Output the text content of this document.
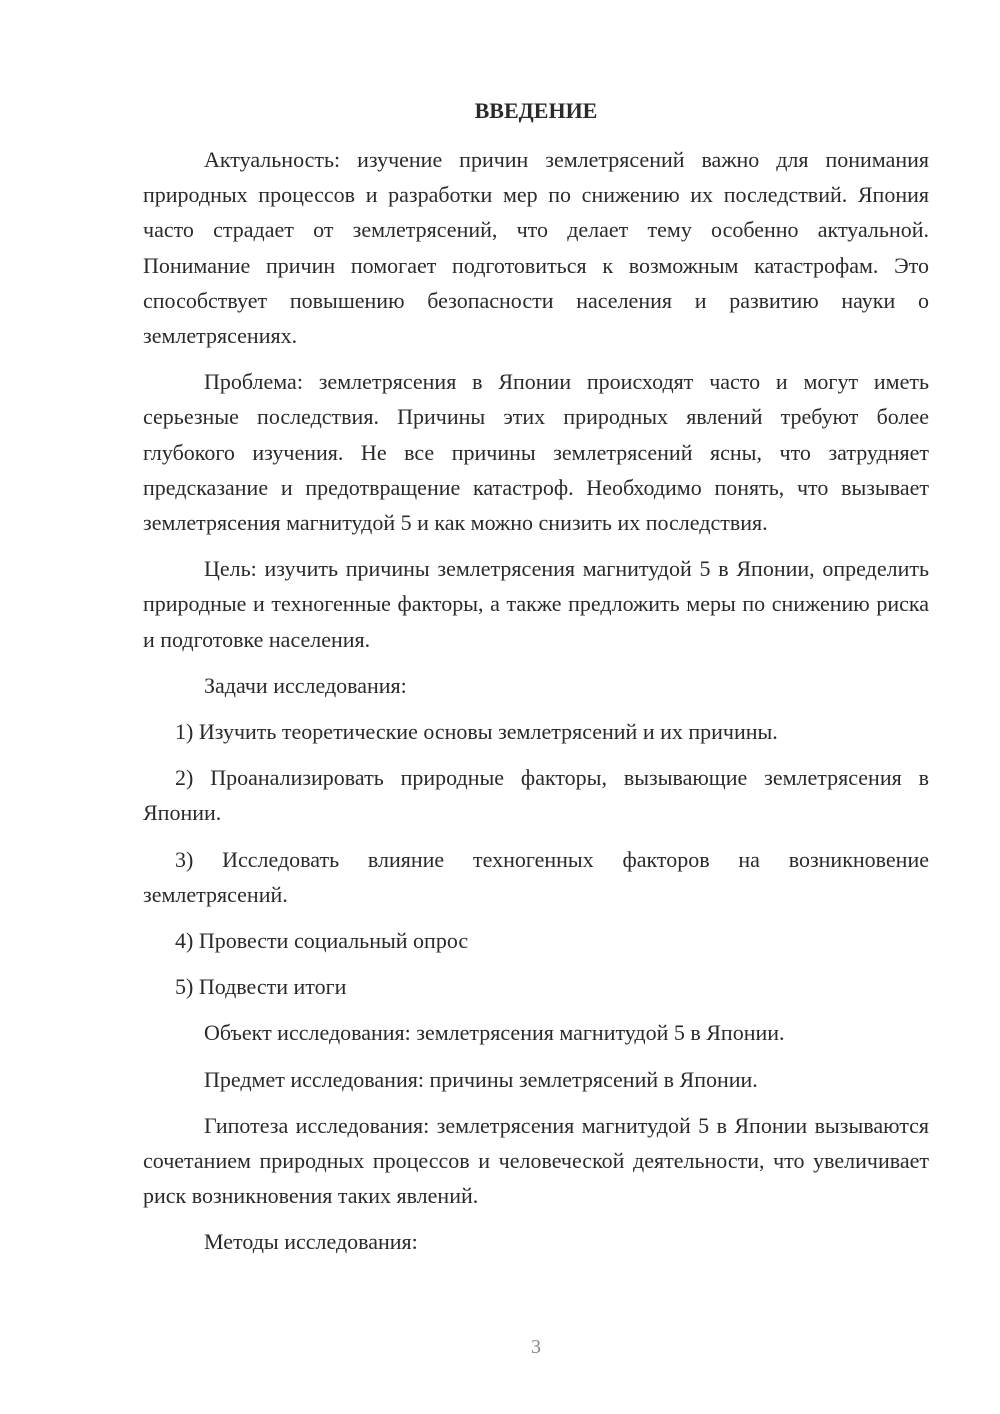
ВВЕДЕНИЕ

Актуальность: изучение причин землетрясений важно для понимания природных процессов и разработки мер по снижению их последствий. Япония часто страдает от землетрясений, что делает тему особенно актуальной. Понимание причин помогает подготовиться к возможным катастрофам. Это способствует повышению безопасности населения и развитию науки о землетрясениях.

Проблема: землетрясения в Японии происходят часто и могут иметь серьезные последствия. Причины этих природных явлений требуют более глубокого изучения. Не все причины землетрясений ясны, что затрудняет предсказание и предотвращение катастроф. Необходимо понять, что вызывает землетрясения магнитудой 5 и как можно снизить их последствия.

Цель: изучить причины землетрясения магнитудой 5 в Японии, определить природные и техногенные факторы, а также предложить меры по снижению риска и подготовке населения.

Задачи исследования:

1) Изучить теоретические основы землетрясений и их причины.

2) Проанализировать природные факторы, вызывающие землетрясения в Японии.

3) Исследовать влияние техногенных факторов на возникновение землетрясений.

4) Провести социальный опрос

5) Подвести итоги

Объект исследования: землетрясения магнитудой 5 в Японии.

Предмет исследования: причины землетрясений в Японии.

Гипотеза исследования: землетрясения магнитудой 5 в Японии вызываются сочетанием природных процессов и человеческой деятельности, что увеличивает риск возникновения таких явлений.

Методы исследования:

3
